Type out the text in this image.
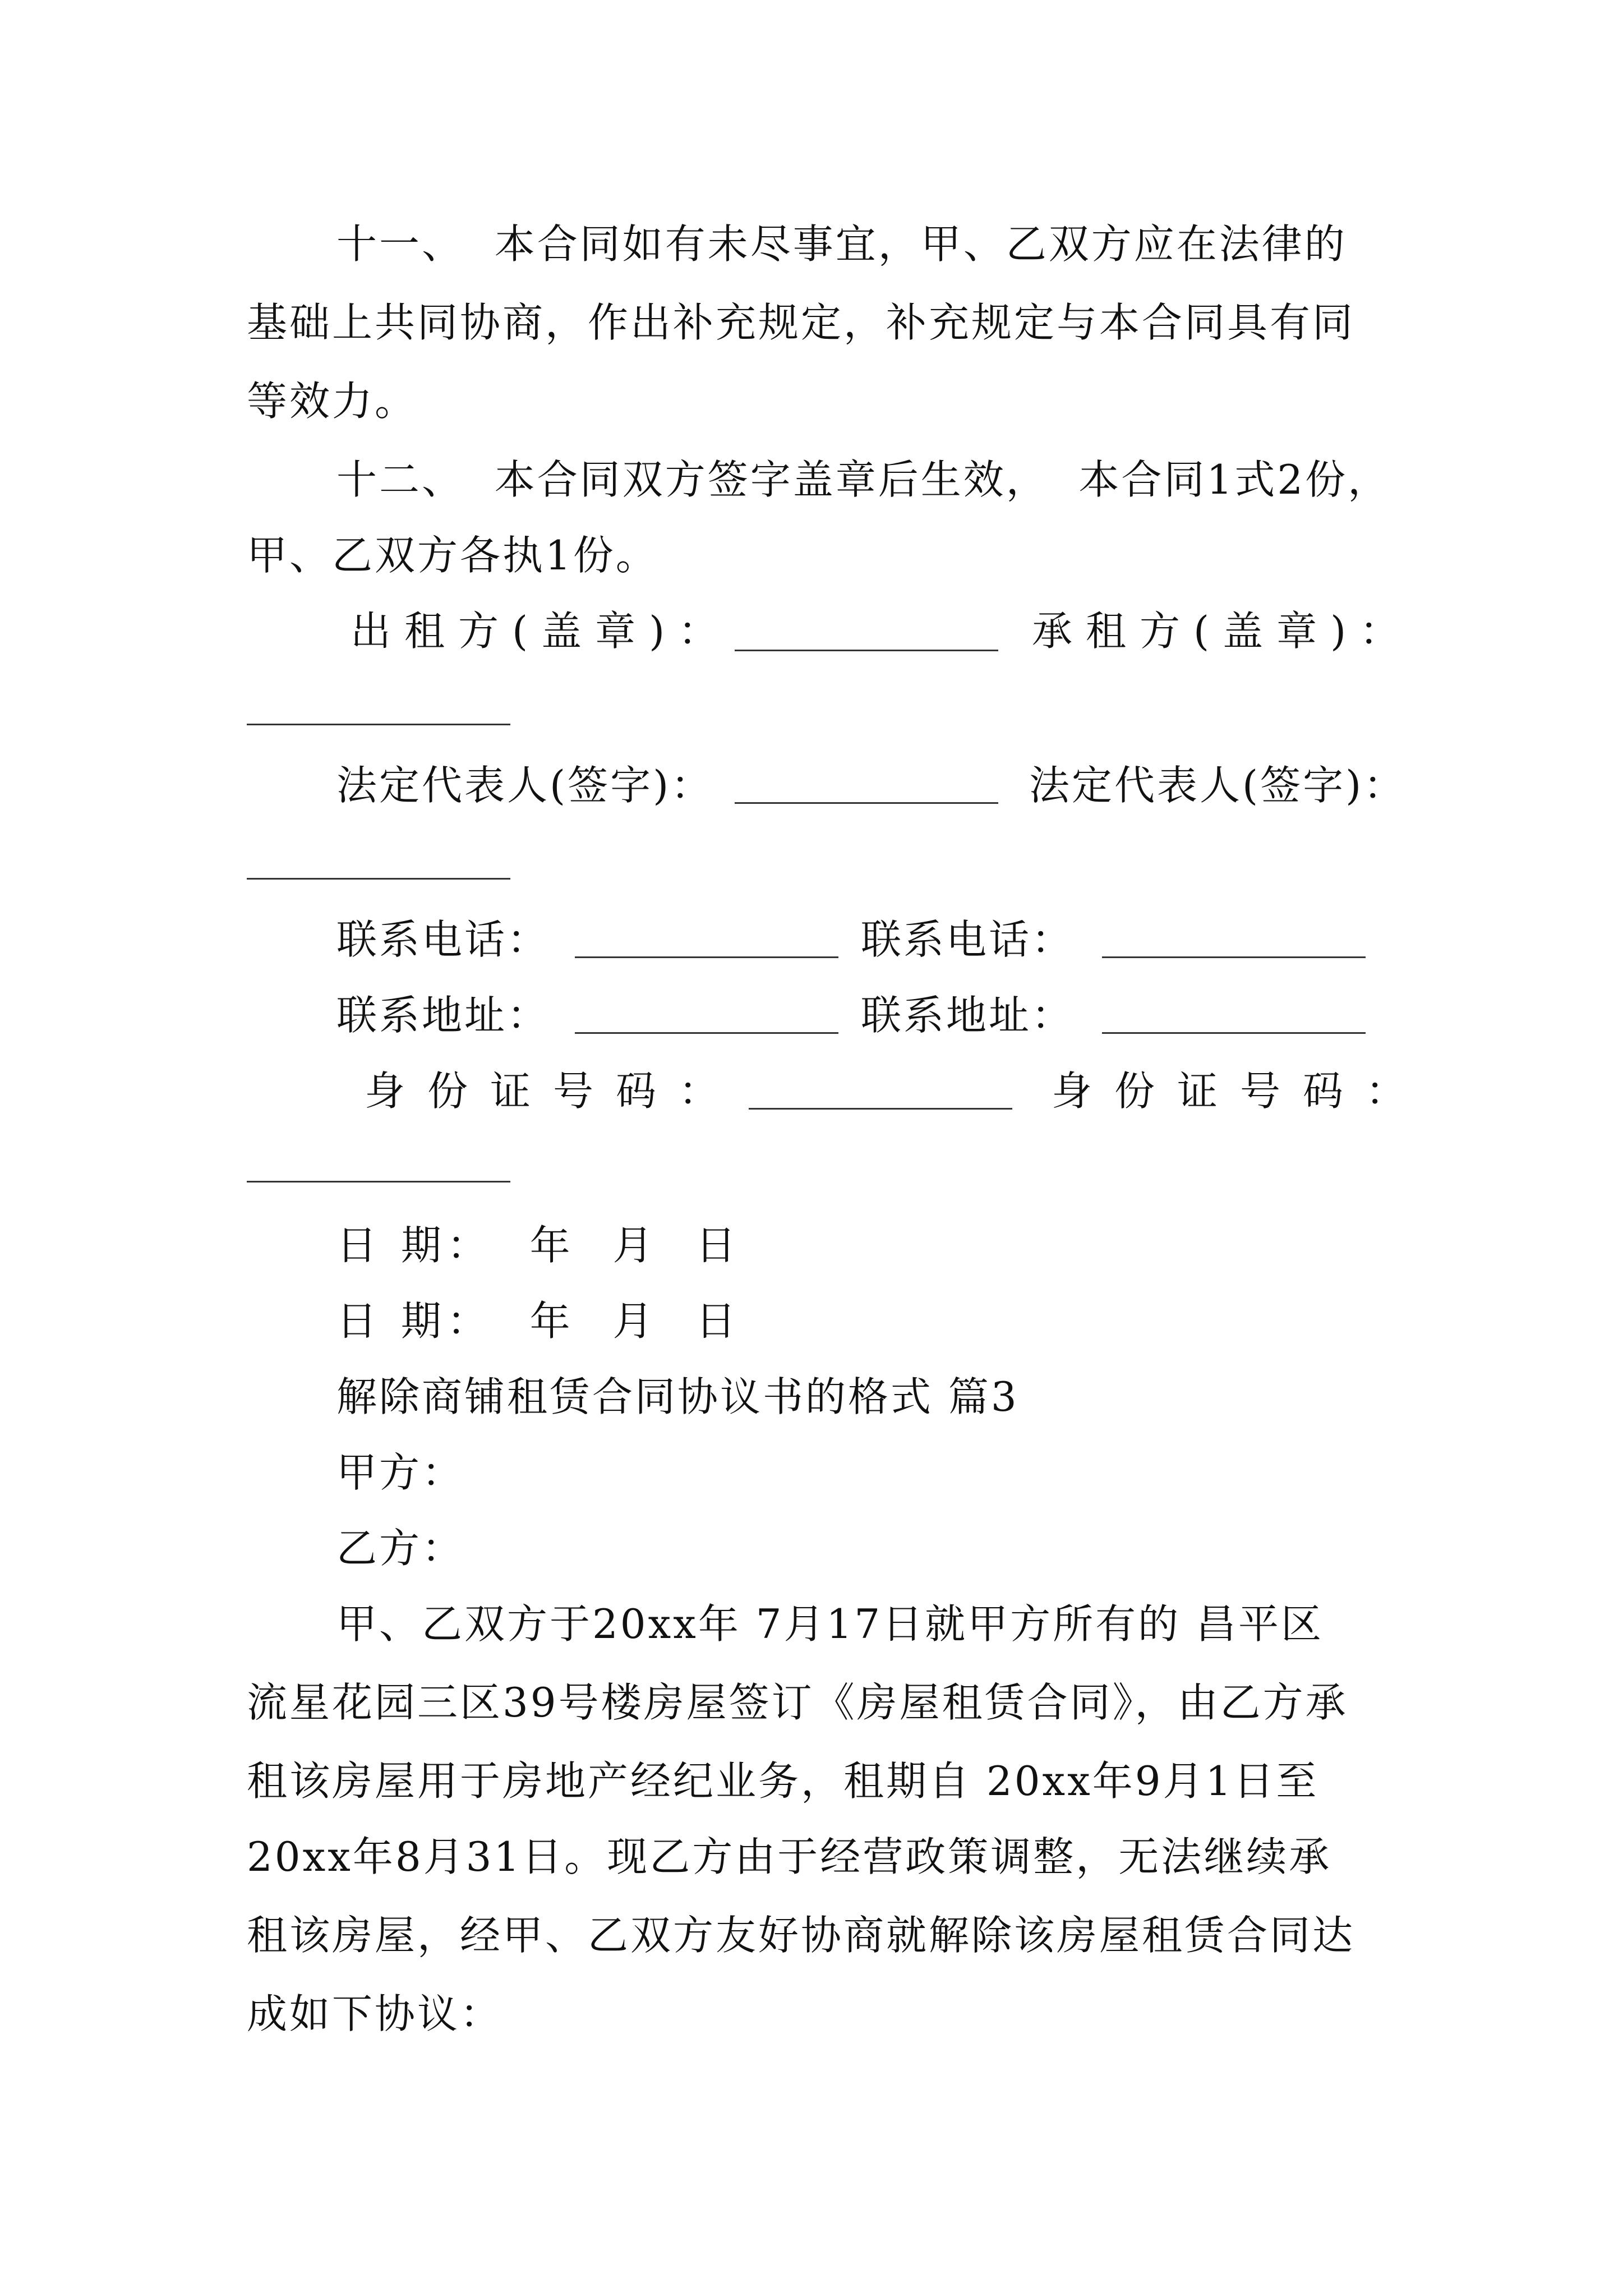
十一、  本合同如有未尽事宜，甲、乙双方应在法律的
基础上共同协商，作出补充规定，补充规定与本合同具有同
等效力。
十二、  本合同双方签字盖章后生效，  本合同1式2份，
甲、乙双方各执1份。
出租方(盖章)：	承租方(盖章)：
法定代表人(签字)：	法定代表人(签字)：
联系电话：	联系电话：
联系地址：	联系地址：
身份证号码：	身份证号码：
日 期：  年  月  日
日 期：  年  月  日
解除商铺租赁合同协议书的格式 篇3
甲方：
乙方：
甲、乙双方于20xx年 7月17日就甲方所有的 昌平区
流星花园三区39号楼房屋签订《房屋租赁合同》，由乙方承
租该房屋用于房地产经纪业务，租期自 20xx年9月1日至
20xx年8月31日。现乙方由于经营政策调整，无法继续承
租该房屋，经甲、乙双方友好协商就解除该房屋租赁合同达
成如下协议：
